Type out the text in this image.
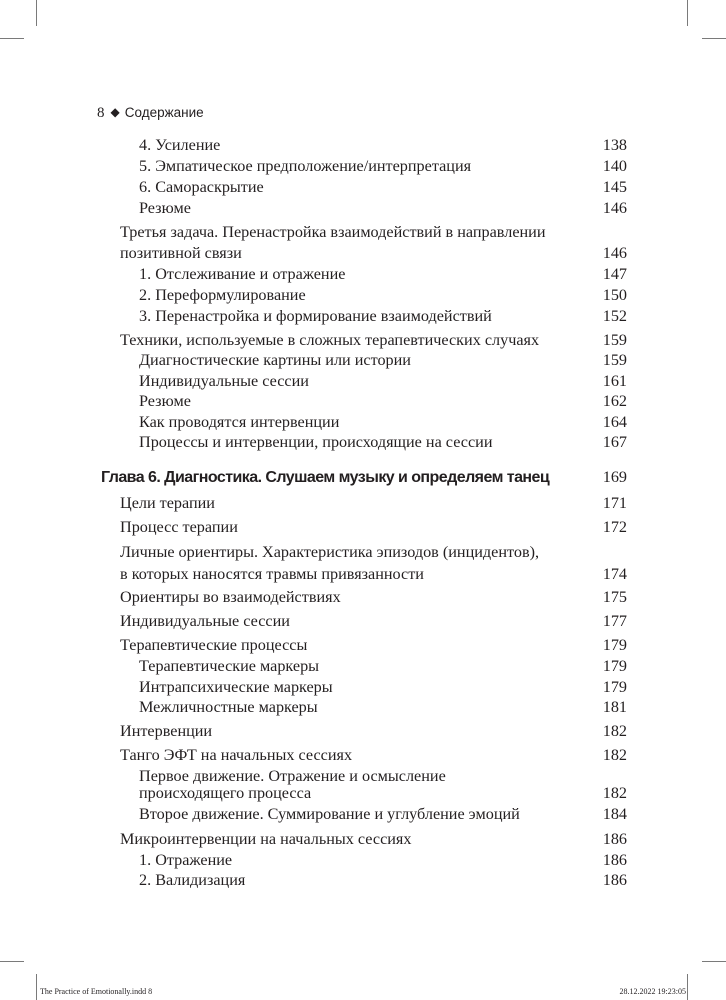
8 ◆ Содержание
4. Усиление	138
5. Эмпатическое предположение/интерпретация	140
6. Самораскрытие	145
Резюме	146
Третья задача. Перенастройка взаимодействий в направлении
позитивной связи	146
1. Отслеживание и отражение	147
2. Переформулирование	150
3. Перенастройка и формирование взаимодействий	152
Техники, используемые в сложных терапевтических случаях	159
Диагностические картины или истории	159
Индивидуальные сессии	161
Резюме	162
Как проводятся интервенции	164
Процессы и интервенции, происходящие на сессии	167
Глава 6. Диагностика. Слушаем музыку и определяем танец	169
Цели терапии	171
Процесс терапии	172
Личные ориентиры. Характеристика эпизодов (инцидентов),
в которых наносятся травмы привязанности	174
Ориентиры во взаимодействиях	175
Индивидуальные сессии	177
Терапевтические процессы	179
Терапевтические маркеры	179
Интрапсихические маркеры	179
Межличностные маркеры	181
Интервенции	182
Танго ЭФТ на начальных сессиях	182
Первое движение. Отражение и осмысление
происходящего процесса	182
Второе движение. Суммирование и углубление эмоций	184
Микроинтервенции на начальных сессиях	186
1. Отражение	186
2. Валидизация	186
The Practice of Emotionally.indd 8	28.12.2022 19:23:05
